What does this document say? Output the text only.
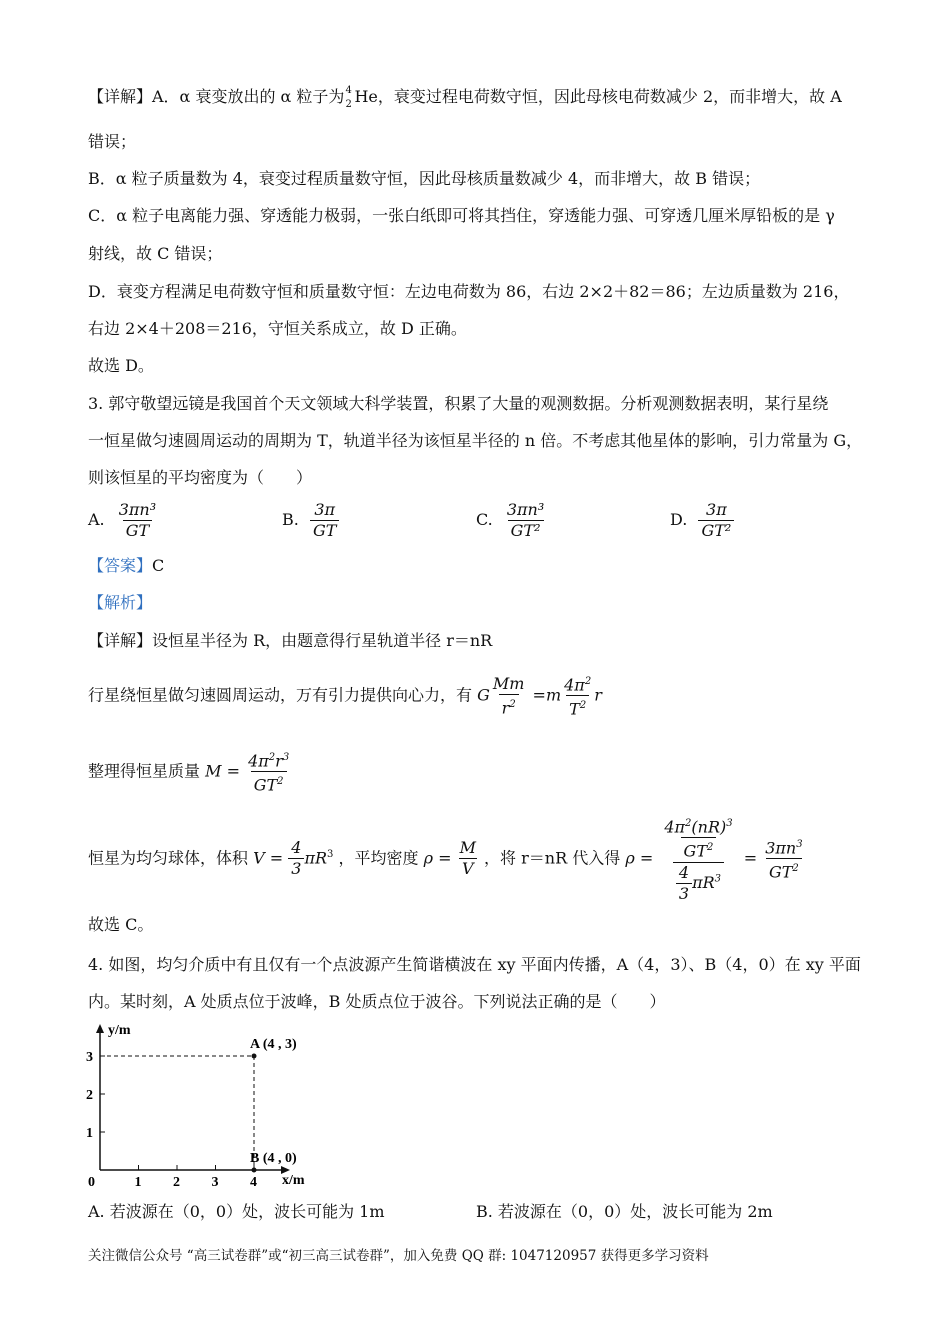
【详解】A．α 衰变放出的 α 粒子为 4
2 He，衰变过程电荷数守恒，因此母核电荷数减少 2，而非增大，故 A
错误；
B．α 粒子质量数为 4，衰变过程质量数守恒，因此母核质量数减少 4，而非增大，故 B 错误；
C．α 粒子电离能力强、穿透能力极弱，一张白纸即可将其挡住，穿透能力强、可穿透几厘米厚铅板的是 γ
射线，故 C 错误；
D．衰变方程满足电荷数守恒和质量数守恒：左边电荷数为 86，右边 2×2＋82＝86；左边质量数为 216，
右边 2×4＋208＝216，守恒关系成立，故 D 正确。
故选 D。
3. 郭守敬望远镜是我国首个天文领域大科学装置，积累了大量的观测数据。分析观测数据表明，某行星绕
一恒星做匀速圆周运动的周期为 T，轨道半径为该恒星半径的 n 倍。不考虑其他星体的影响，引力常量为 G，
则该恒星的平均密度为（　　）
A. $\frac{\text{3πn³}}{GT}$	B. $\frac{3\pi}{GT}$	C. $\frac{\text{3πn³}}{\text{GT²}}$	D. $\frac{3\pi}{\text{GT²}}$
【答案】C
【解析】
【详解】设恒星半径为 R，由题意得行星轨道半径 r＝nR
行星绕恒星做匀速圆周运动，万有引力提供向心力，有 G $\frac{Mm}{r^2} =m \frac{4\pi^2}{T^2}$ r
整理得恒星质量 $M = \frac{4\pi^2r^3}{GT^2}$
恒星为均匀球体，体积 $V = \frac{4}{3} \pi R^3$ ，平均密度 $\rho = \frac{M}{V}$ ，将 r＝nR 代入得 $\rho = \frac{\frac{4\pi^2(nR)^3}{GT^2}}{\frac{4}{3} \pi R^3} = \frac{3\pi n^3}{GT^2}$
故选 C。
4. 如图，均匀介质中有且仅有一个点波源产生简谐横波在 xy 平面内传播，A（4，3）、B（4，0）在 xy 平面
内。某时刻，A 处质点位于波峰，B 处质点位于波谷。下列说法正确的是（　　）
y/m
x/m
0	1 2 3 4
1
2
3
A (4 , 3)
B (4 , 0)
A. 若波源在（0，0）处，波长可能为 1m	B. 若波源在（0，0）处，波长可能为 2m
关注微信公众号 “高三试卷群”或“初三高三试卷群”，加入免费 QQ 群: 1047120957 获得更多学习资料
